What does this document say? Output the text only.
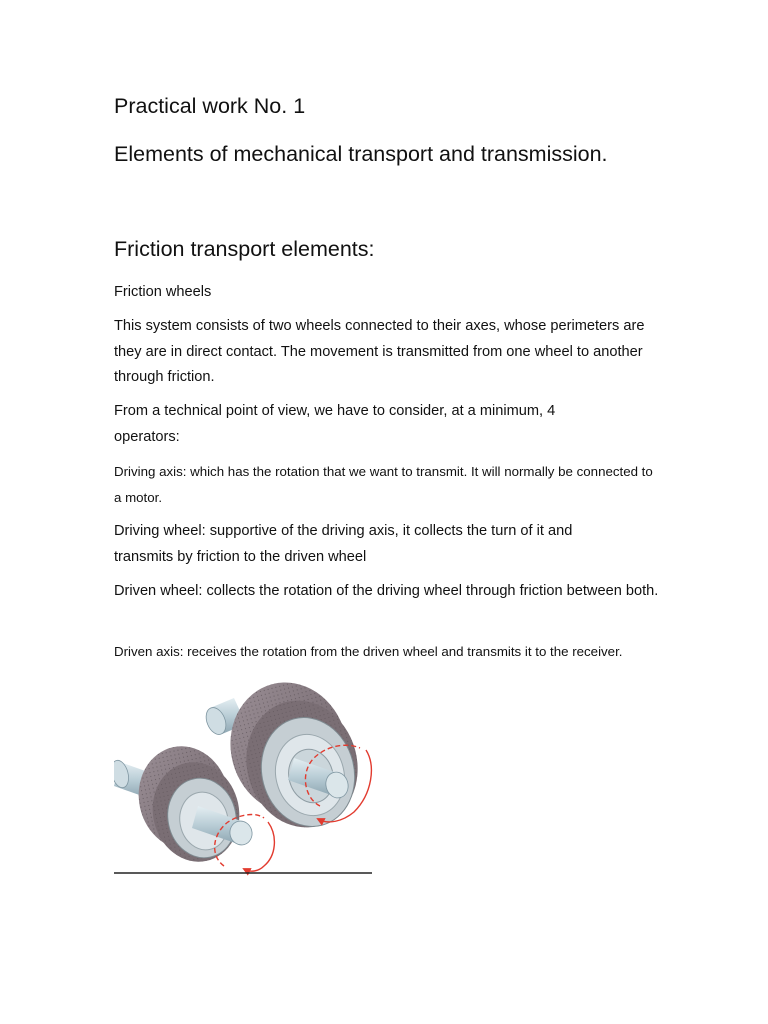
Practical work No. 1
Elements of mechanical transport and transmission.
Friction transport elements:

Friction wheels

This system consists of two wheels connected to their axes, whose perimeters are they are in direct contact. The movement is transmitted from one wheel to another through friction.

From a technical point of view, we have to consider, at a minimum, 4 operators:

Driving axis: which has the rotation that we want to transmit. It will normally be connected to a motor.

Driving wheel: supportive of the driving axis, it collects the turn of it and transmits by friction to the driven wheel

Driven wheel: collects the rotation of the driving wheel through friction between both.

Driven axis: receives the rotation from the driven wheel and transmits it to the receiver.
